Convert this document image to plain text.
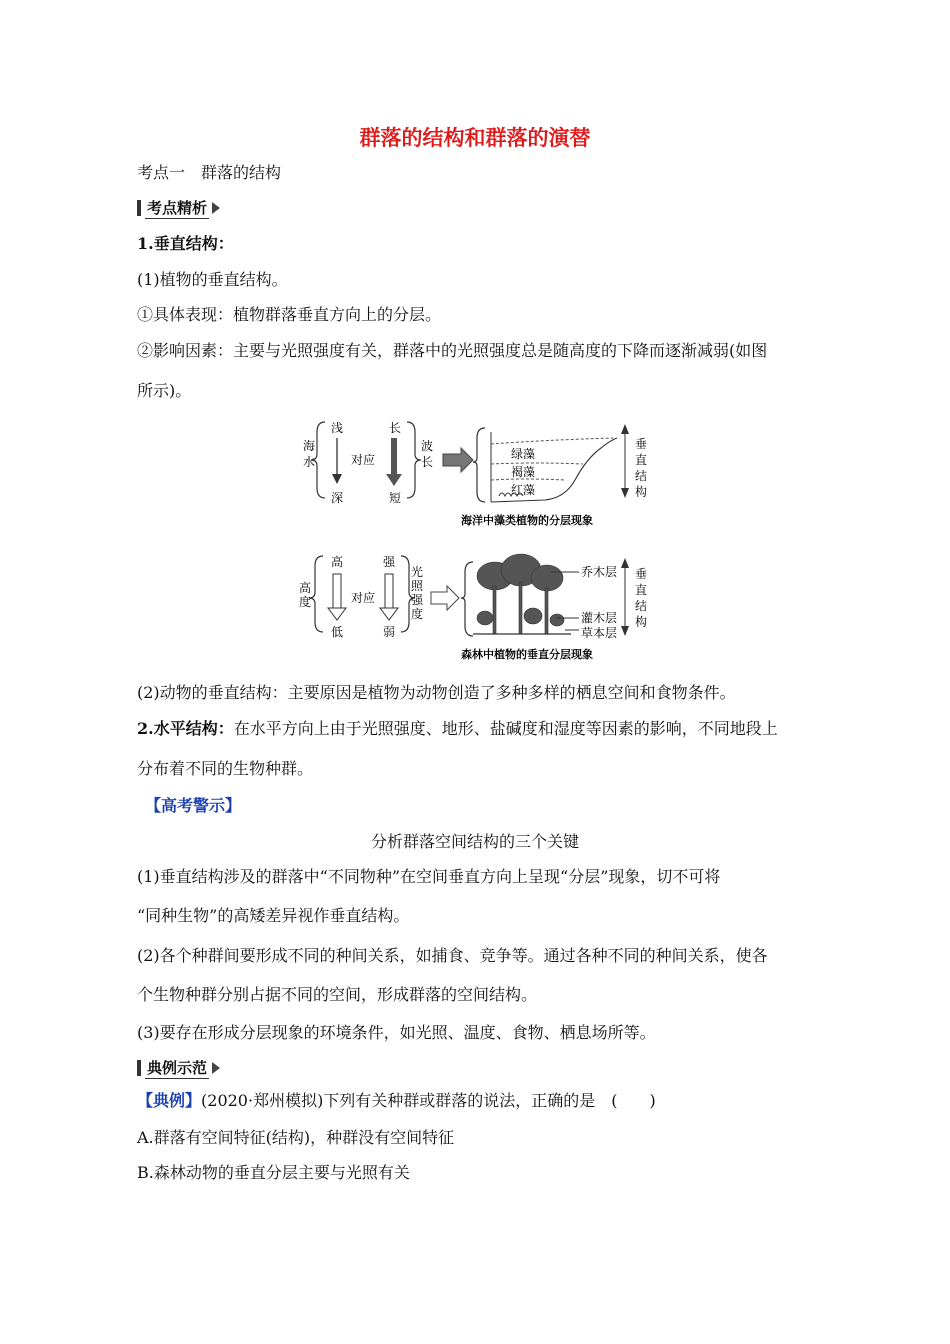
群落的结构和群落的演替
考点一　群落的结构
考点精析
1.垂直结构：
(1)植物的垂直结构。
①具体表现：植物群落垂直方向上的分层。
②影响因素：主要与光照强度有关，群落中的光照强度总是随高度的下降而逐渐减弱(如图
所示)。
海
水
浅
深
对应
长
短
波
长
绿藻
褐藻
红藻
垂
直
结
构
海洋中藻类植物的分层现象
高
度
高
低
对应
强
弱
光
照
强
度
乔木层
灌木层
草本层
垂
直
结
构
森林中植物的垂直分层现象
(2)动物的垂直结构：主要原因是植物为动物创造了多种多样的栖息空间和食物条件。
2.水平结构：在水平方向上由于光照强度、地形、盐碱度和湿度等因素的影响，不同地段上
分布着不同的生物种群。
【高考警示】
分析群落空间结构的三个关键
(1)垂直结构涉及的群落中“不同物种”在空间垂直方向上呈现“分层”现象，切不可将
“同种生物”的高矮差异视作垂直结构。
(2)各个种群间要形成不同的种间关系，如捕食、竞争等。通过各种不同的种间关系，使各
个生物种群分别占据不同的空间，形成群落的空间结构。
(3)要存在形成分层现象的环境条件，如光照、温度、食物、栖息场所等。
典例示范
【典例】(2020·郑州模拟)下列有关种群或群落的说法，正确的是　(　　)
A.群落有空间特征(结构)，种群没有空间特征
B.森林动物的垂直分层主要与光照有关
